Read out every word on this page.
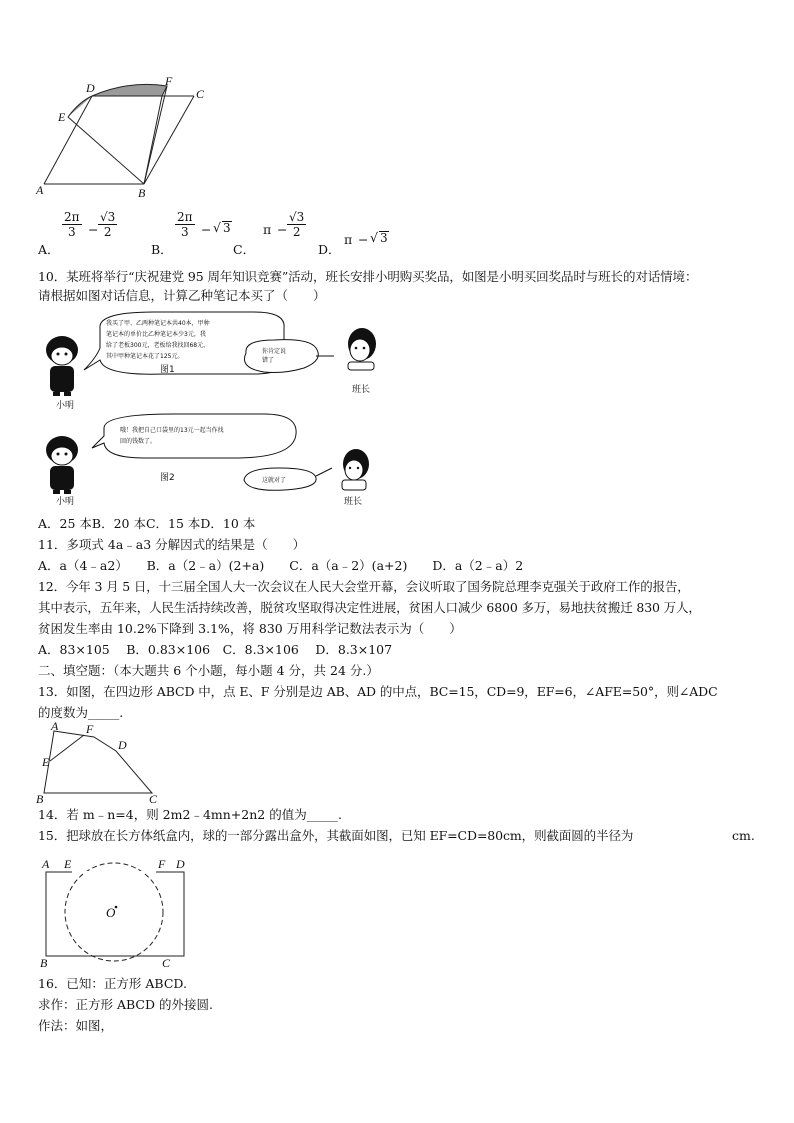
A	B
C
D
E
F
A．
$\frac{2\pi}{3} - \frac{√3}{2}$
B．
$\frac{2\pi}{3}$ − √ 3
C．
$\pi - \frac{√3}{2}$
D．
π − √ 3
10．某班将举行“庆祝建党 95 周年知识竞赛”活动，班长安排小明购买奖品，如图是小明买回奖品时与班长的对话情境：
请根据如图对话信息，计算乙种笔记本买了（　　）
小明
我买了甲、乙两种笔记本共40本，甲种
笔记本的单价比乙种笔记本少3元，我
给了老板300元，老板给我找回68元，
其中甲种笔记本花了125元。
图1
你肯定说
错了
班长
小明
哦！我把自己口袋里的13元一起当作找
回的钱数了。
图2	这就对了
班长
A．25 本B．20 本C．15 本D．10 本
11．多项式 4a﹣a3 分解因式的结果是（　　）
A．a（4﹣a2）　　B．a（2﹣a）(2+a)　　C．a（a﹣2）(a+2)　　D．a（2﹣a）2
12．今年 3 月 5 日，十三届全国人大一次会议在人民大会堂开幕，会议听取了国务院总理李克强关于政府工作的报告，
其中表示，五年来，人民生活持续改善，脱贫攻坚取得决定性进展，贫困人口减少 6800 多万，易地扶贫搬迁 830 万人，
贫困发生率由 10.2%下降到 3.1%，将 830 万用科学记数法表示为（　　）
A．83×105　 B．0.83×106　C．8.3×106　 D．8.3×107
二、填空题：（本大题共 6 个小题，每小题 4 分，共 24 分.）
13．如图，在四边形 ABCD 中，点 E、F 分别是边 AB、AD 的中点，BC=15，CD=9，EF=6，∠AFE=50°，则∠ADC
的度数为_____.
A F
D
E
B	C
14．若 m﹣n=4，则 2m2﹣4mn+2n2 的值为_____.
15．把球放在长方体纸盒内，球的一部分露出盒外，其截面如图，已知 EF=CD=80cm，则截面圆的半径为	cm.
A E	F D
O
B	C
16．已知：正方形 ABCD.
求作：正方形 ABCD 的外接圆.
作法：如图，
